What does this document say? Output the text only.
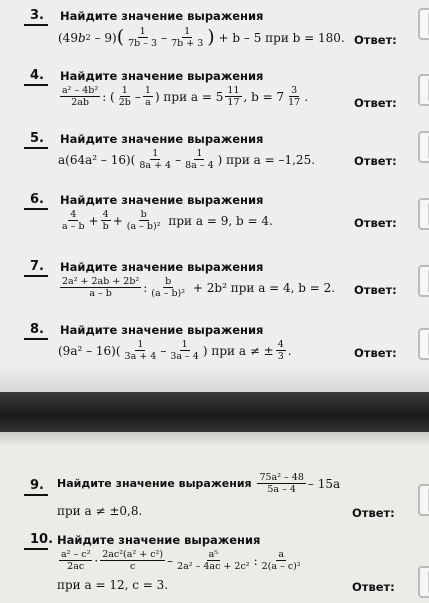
3. Найдите значение выражения
(49 b 2
– 9) ( $\frac{1}{7b - 3} - \frac{1}{7b + 3}$ )
+ b – 5 при b = 180. Ответ:
4. Найдите значение выражения
$\frac{\text{a² – 4b²}}{2ab}$ : ( $\frac{1}{2b} - \frac{1}{a}$ ) при $a = 5 \frac{11}{17}$ , $b = 7 \frac{3}{17}$ .	Ответ:
5. Найдите значение выражения
$a(64a^2 - 16)( \frac{1}{8a + 4} - \frac{1}{8a - 4}$ ) при a = –1,25.	Ответ:
6. Найдите значение выражения
$\frac{4}{a - b} + \frac{4}{b} + \frac{b}{\text{(a – b)²}}$
при a = 9, b = 4.	Ответ:
7. Найдите значение выражения
$\frac{\text{2a² + 2ab + 2b²}}{a - b}$ : $\frac{b}{\text{(a – b)²}}$
+ 2b² при a = 4, b = 2. Ответ:
8. Найдите значение выражения
$(9a^2 - 16)( \frac{1}{3a + 4} - \frac{1}{3a - 4}$ ) при a ≠ ± $\frac{4}{3}$ .	Ответ:
9. Найдите значение выражения
$\frac{\text{75a² – 48}}{5a - 4} - 15a$
при a ≠ ±0,8.	Ответ:
10. Найдите значение выражения
$\frac{\text{a² – c²}}{2ac} \cdot \frac{\text{2ac²(a² + c²)}}{c} - \frac{\text{a⁵}}{\text{2a² – 4ac + 2c²}}$ : $\frac{a}{\text{2(a – c)²}}$
при a = 12, c = 3.	Ответ:
